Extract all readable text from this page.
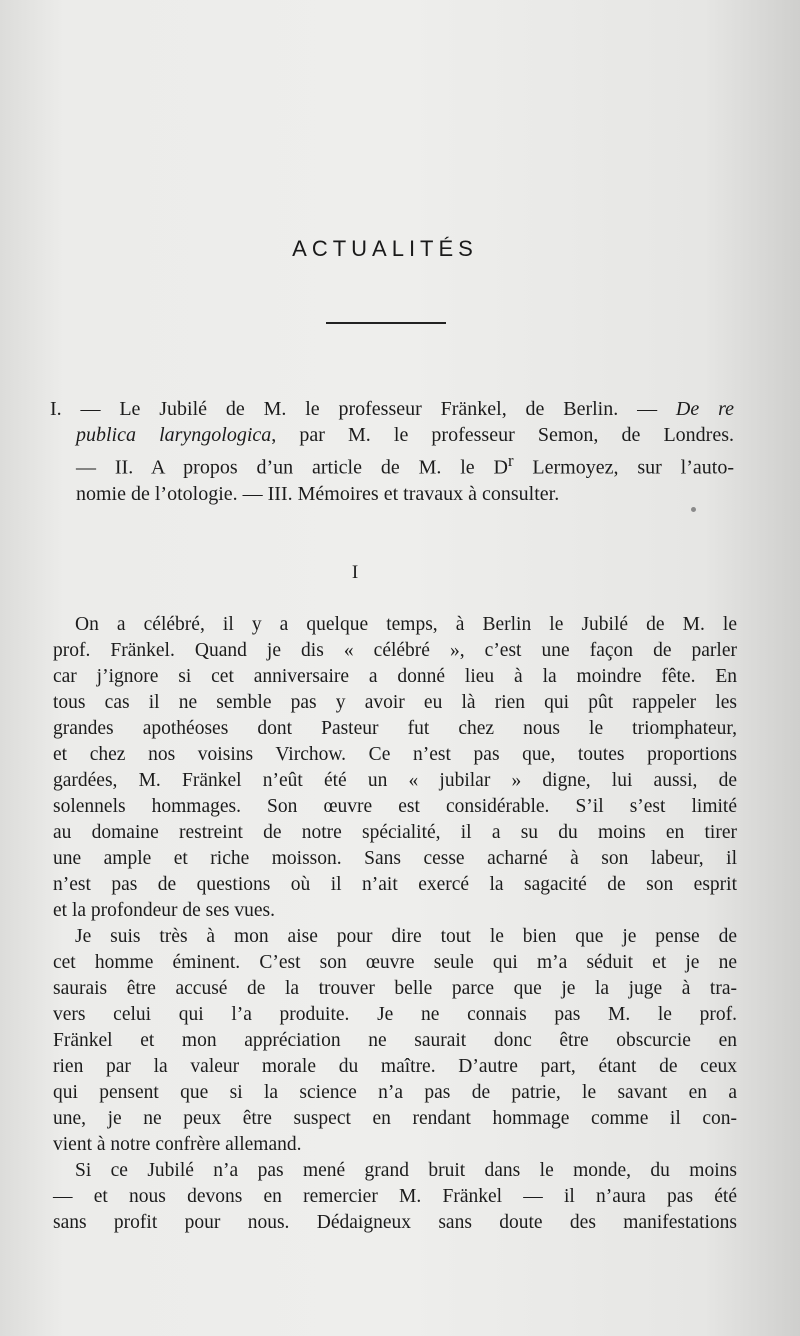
ACTUALITÉS
I. — Le Jubilé de M. le professeur Fränkel, de Berlin. — De re
publica laryngologica, par M. le professeur Semon, de Londres.
— II. A propos d’un article de M. le $D^r$ Lermoyez, sur l’auto-
nomie de l’otologie. — III. Mémoires et travaux à consulter.
I
On a célébré, il y a quelque temps, à Berlin le Jubilé de M. le
prof. Fränkel. Quand je dis « célébré », c’est une façon de parler
car j’ignore si cet anniversaire a donné lieu à la moindre fête. En
tous cas il ne semble pas y avoir eu là rien qui pût rappeler les
grandes apothéoses dont Pasteur fut chez nous le triomphateur,
et chez nos voisins Virchow. Ce n’est pas que, toutes proportions
gardées, M. Fränkel n’eût été un « jubilar » digne, lui aussi, de
solennels hommages. Son œuvre est considérable. S’il s’est limité
au domaine restreint de notre spécialité, il a su du moins en tirer
une ample et riche moisson. Sans cesse acharné à son labeur, il
n’est pas de questions où il n’ait exercé la sagacité de son esprit
et la profondeur de ses vues.
Je suis très à mon aise pour dire tout le bien que je pense de
cet homme éminent. C’est son œuvre seule qui m’a séduit et je ne
saurais être accusé de la trouver belle parce que je la juge à tra-
vers celui qui l’a produite. Je ne connais pas M. le prof.
Fränkel et mon appréciation ne saurait donc être obscurcie en
rien par la valeur morale du maître. D’autre part, étant de ceux
qui pensent que si la science n’a pas de patrie, le savant en a
une, je ne peux être suspect en rendant hommage comme il con-
vient à notre confrère allemand.
Si ce Jubilé n’a pas mené grand bruit dans le monde, du moins
— et nous devons en remercier M. Fränkel — il n’aura pas été
sans profit pour nous. Dédaigneux sans doute des manifestations
